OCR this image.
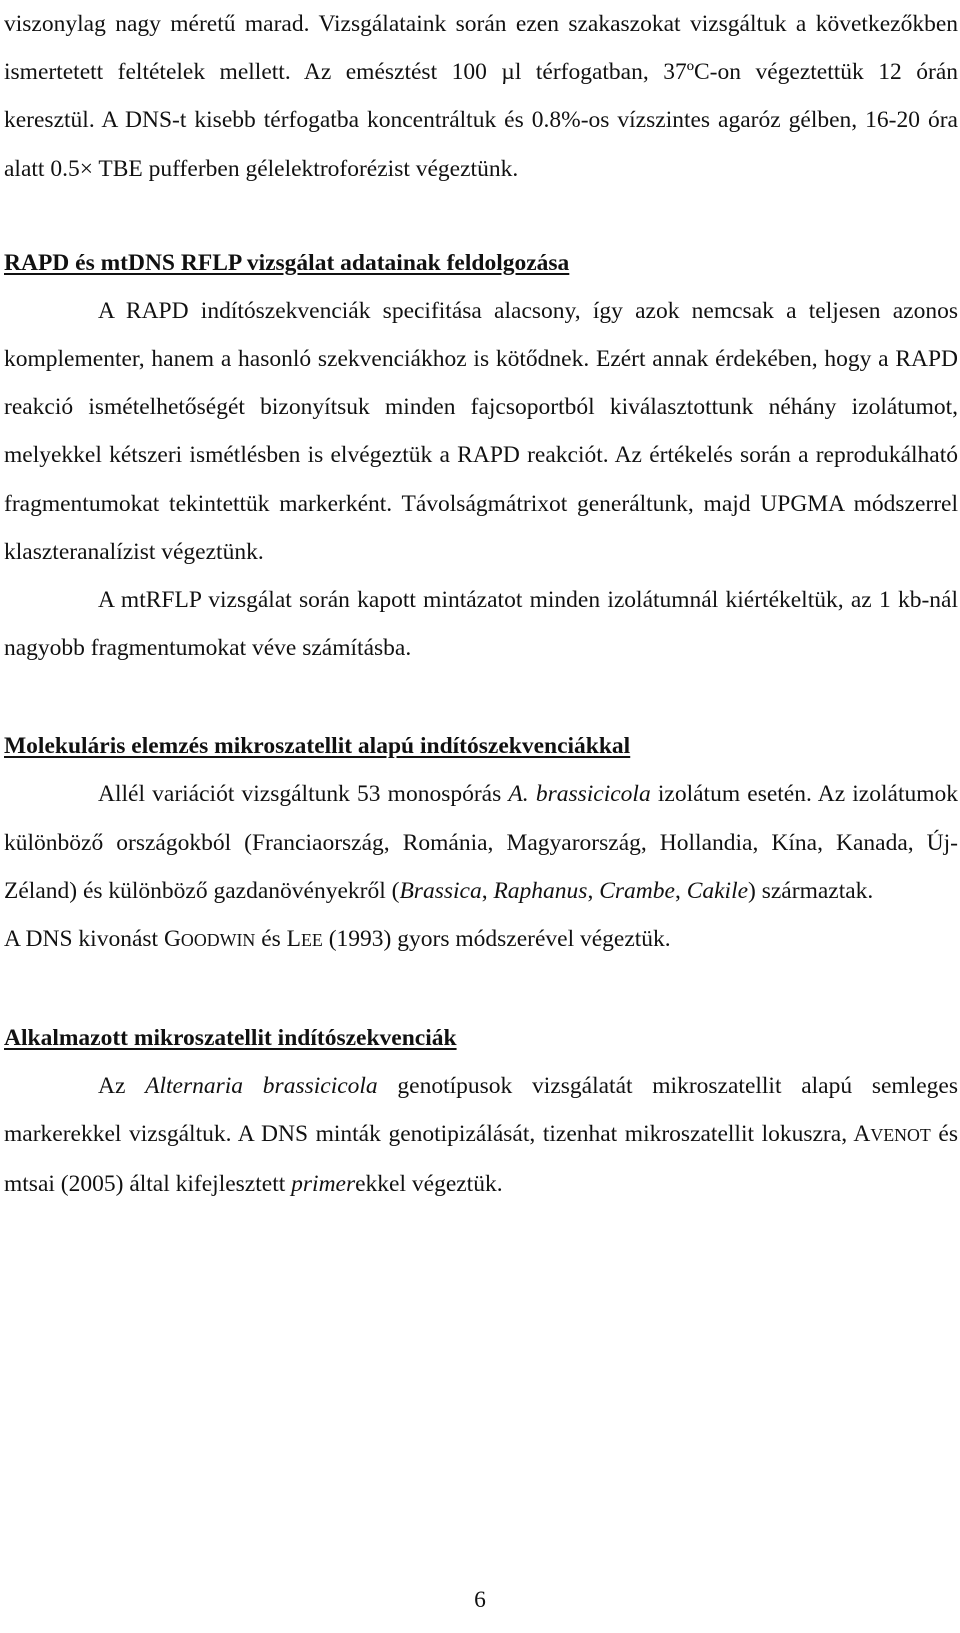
viszonylag nagy méretű marad. Vizsgálataink során ezen szakaszokat vizsgáltuk a következőkben ismertetett feltételek mellett. Az emésztést 100 µl térfogatban, 37ºC-on végeztettük 12 órán keresztül. A DNS-t kisebb térfogatba koncentráltuk és 0.8%-os vízszintes agaróz gélben, 16-20 óra alatt 0.5× TBE pufferben gélelektroforézist végeztünk.

RAPD és mtDNS RFLP vizsgálat adatainak feldolgozása

A RAPD indítószekvenciák specifitása alacsony, így azok nemcsak a teljesen azonos komplementer, hanem a hasonló szekvenciákhoz is kötődnek. Ezért annak érdekében, hogy a RAPD reakció ismételhetőségét bizonyítsuk minden fajcsoportból kiválasztottunk néhány izolátumot, melyekkel kétszeri ismétlésben is elvégeztük a RAPD reakciót. Az értékelés során a reprodukálható fragmentumokat tekintettük markerként. Távolságmátrixot generáltunk, majd UPGMA módszerrel klaszteranalízist végeztünk.

A mtRFLP vizsgálat során kapott mintázatot minden izolátumnál kiértékeltük, az 1 kb-nál nagyobb fragmentumokat véve számításba.

Molekuláris elemzés mikroszatellit alapú indítószekvenciákkal

Allél variációt vizsgáltunk 53 monospórás A. brassicicola izolátum esetén. Az izolátumok különböző országokból (Franciaország, Románia, Magyarország, Hollandia, Kína, Kanada, Új-Zéland) és különböző gazdanövényekről (Brassica, Raphanus, Crambe, Cakile) származtak.

A DNS kivonást GOODWIN és LEE (1993) gyors módszerével végeztük.

Alkalmazott mikroszatellit indítószekvenciák

Az Alternaria brassicicola genotípusok vizsgálatát mikroszatellit alapú semleges markerekkel vizsgáltuk. A DNS minták genotipizálását, tizenhat mikroszatellit lokuszra, AVENOT és mtsai (2005) által kifejlesztett primerekkel végeztük.

6
